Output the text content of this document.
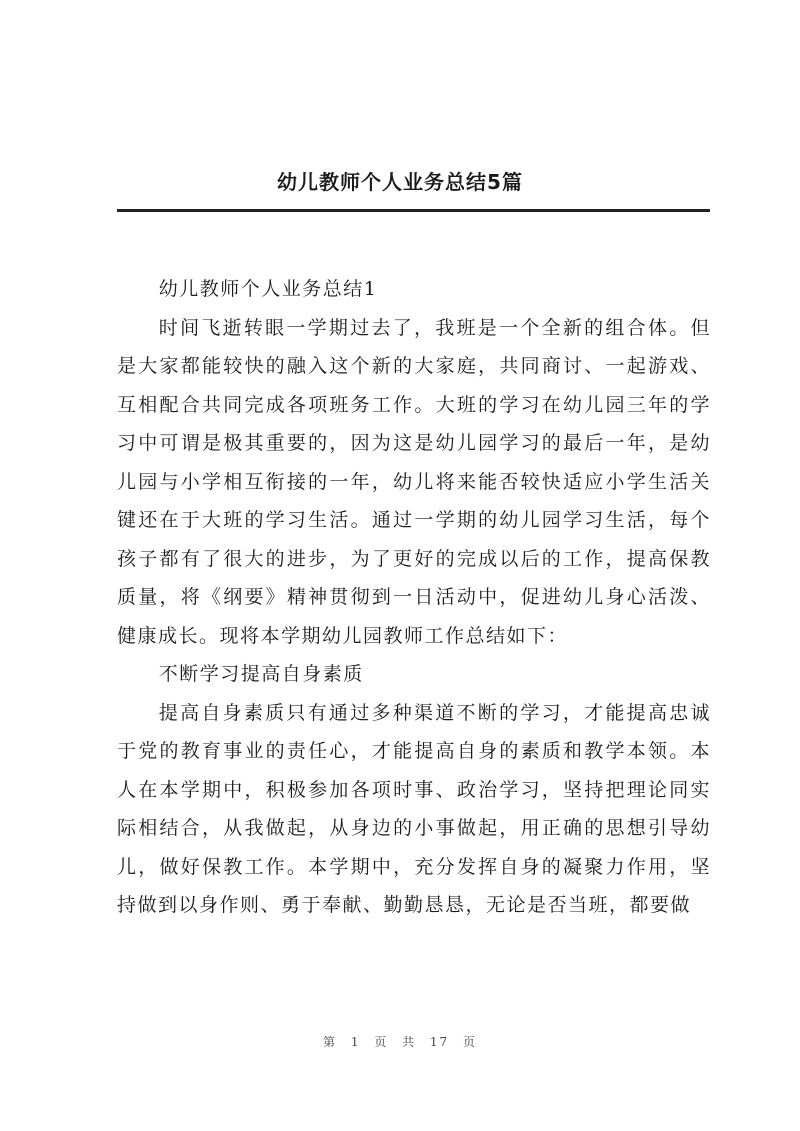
幼儿教师个人业务总结5篇

幼儿教师个人业务总结1

时间飞逝转眼一学期过去了，我班是一个全新的组合体。但是大家都能较快的融入这个新的大家庭，共同商讨、一起游戏、互相配合共同完成各项班务工作。大班的学习在幼儿园三年的学习中可谓是极其重要的，因为这是幼儿园学习的最后一年，是幼儿园与小学相互衔接的一年，幼儿将来能否较快适应小学生活关键还在于大班的学习生活。通过一学期的幼儿园学习生活，每个孩子都有了很大的进步，为了更好的完成以后的工作，提高保教质量，将《纲要》精神贯彻到一日活动中，促进幼儿身心活泼、健康成长。现将本学期幼儿园教师工作总结如下：

不断学习提高自身素质

提高自身素质只有通过多种渠道不断的学习，才能提高忠诚于党的教育事业的责任心，才能提高自身的素质和教学本领。本人在本学期中，积极参加各项时事、政治学习，坚持把理论同实际相结合，从我做起，从身边的小事做起，用正确的思想引导幼儿，做好保教工作。本学期中，充分发挥自身的凝聚力作用，坚持做到以身作则、勇于奉献、勤勤恳恳，无论是否当班，都要做

第 1 页 共 17 页
